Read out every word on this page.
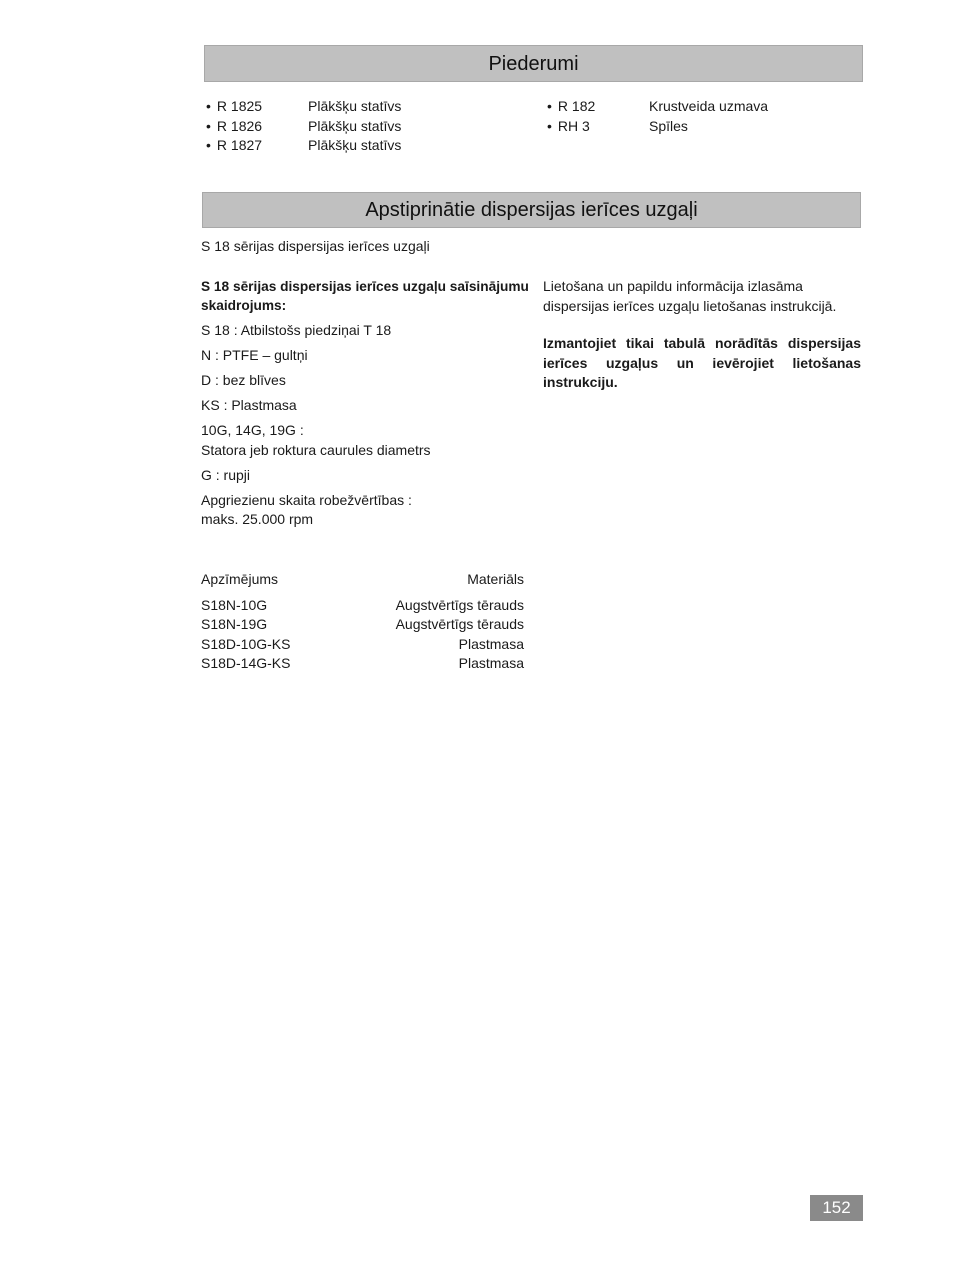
Piederumi
• R 1825	Plākšķu statīvs
• R 1826	Plākšķu statīvs
• R 1827	Plākšķu statīvs
• R 182	Krustveida uzmava
• RH 3	Spīles
Apstiprinātie dispersijas ierīces uzgaļi
S 18 sērijas dispersijas ierīces uzgaļi
S 18 sērijas dispersijas ierīces uzgaļu saīsinājumu skaidrojums:
S 18 : Atbilstošs piedziņai T 18
N : PTFE – gultņi
D : bez blīves
KS : Plastmasa
10G, 14G, 19G :
Statora jeb roktura caurules diametrs
G : rupji
Apgriezienu skaita robežvērtības :
maks. 25.000 rpm
Lietošana un papildu informācija izlasāma dispersijas ierīces uzgaļu lietošanas instrukcijā.
Izmantojiet tikai tabulā norādītās dispersijas ierīces uzgaļus un ievērojiet lietošanas instrukciju.
Apzīmējums	Materiāls
S18N-10G	Augstvērtīgs tērauds
S18N-19G	Augstvērtīgs tērauds
S18D-10G-KS	Plastmasa
S18D-14G-KS	Plastmasa
152
